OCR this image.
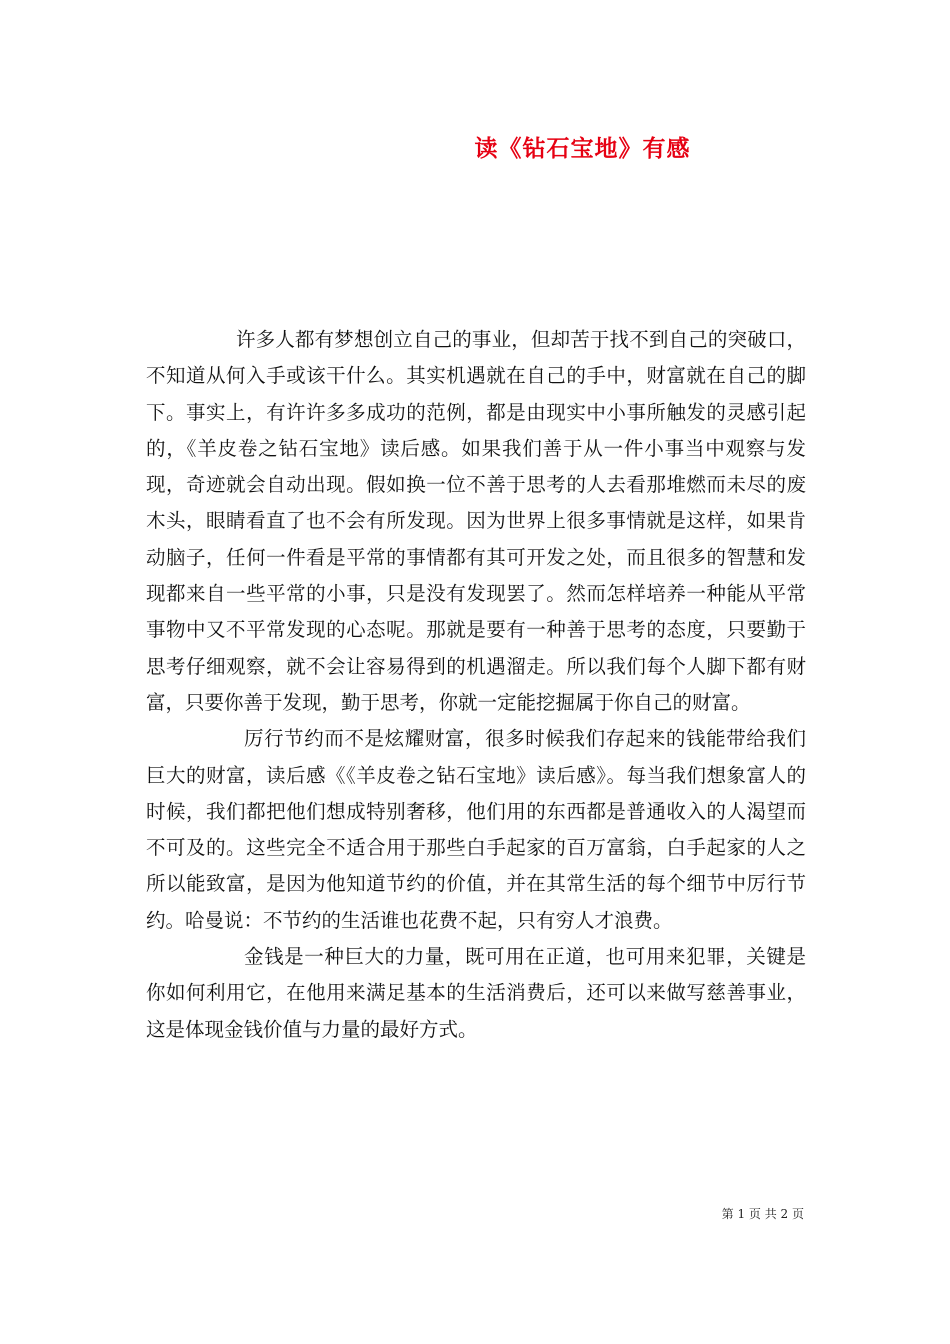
读《钻石宝地》有感

许多人都有梦想创立自己的事业，但却苦于找不到自己的突破口，不知道从何入手或该干什么。其实机遇就在自己的手中，财富就在自己的脚下。事实上，有许许多多成功的范例，都是由现实中小事所触发的灵感引起的，《羊皮卷之钻石宝地》读后感。如果我们善于从一件小事当中观察与发现，奇迹就会自动出现。假如换一位不善于思考的人去看那堆燃而未尽的废木头，眼睛看直了也不会有所发现。因为世界上很多事情就是这样，如果肯动脑子，任何一件看是平常的事情都有其可开发之处，而且很多的智慧和发现都来自一些平常的小事，只是没有发现罢了。然而怎样培养一种能从平常事物中又不平常发现的心态呢。那就是要有一种善于思考的态度，只要勤于思考仔细观察，就不会让容易得到的机遇溜走。所以我们每个人脚下都有财富，只要你善于发现，勤于思考，你就一定能挖掘属于你自己的财富。

厉行节约而不是炫耀财富，很多时候我们存起来的钱能带给我们巨大的财富，读后感《《羊皮卷之钻石宝地》读后感》。每当我们想象富人的时候，我们都把他们想成特别奢移，他们用的东西都是普通收入的人渴望而不可及的。这些完全不适合用于那些白手起家的百万富翁，白手起家的人之所以能致富，是因为他知道节约的价值，并在其常生活的每个细节中厉行节约。哈曼说：不节约的生活谁也花费不起，只有穷人才浪费。

金钱是一种巨大的力量，既可用在正道，也可用来犯罪，关键是你如何利用它，在他用来满足基本的生活消费后，还可以来做写慈善事业，这是体现金钱价值与力量的最好方式。

第 1 页 共 2 页
